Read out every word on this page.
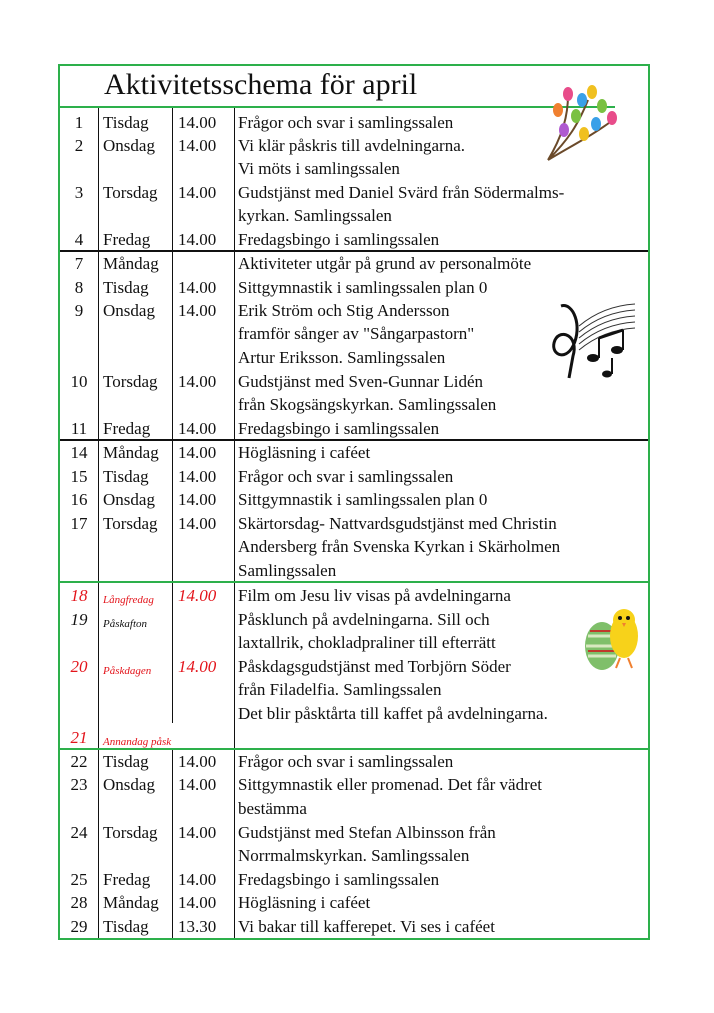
Aktivitetsschema för april
1	Tisdag 14.00 Frågor och svar i samlingssalen
2	Onsdag 14.00 Vi klär påskris till avdelningarna.
Vi möts i samlingssalen
3	Torsdag 14.00 Gudstjänst med Daniel Svärd från Södermalms-
kyrkan. Samlingssalen
4	Fredag 14.00 Fredagsbingo i samlingssalen
7	Måndag	Aktiviteter utgår på grund av personalmöte
8	Tisdag 14.00 Sittgymnastik i samlingssalen plan 0
9	Onsdag 14.00 Erik Ström och Stig Andersson
framför sånger av "Sångarpastorn"
Artur Eriksson. Samlingssalen
10 Torsdag 14.00 Gudstjänst med Sven-Gunnar Lidén
från Skogsängskyrkan. Samlingssalen
11 Fredag 14.00 Fredagsbingo i samlingssalen
14 Måndag 14.00 Högläsning i caféet
15 Tisdag 14.00 Frågor och svar i samlingssalen
16 Onsdag 14.00 Sittgymnastik i samlingssalen plan 0
17 Torsdag 14.00 Skärtorsdag- Nattvardsgudstjänst med Christin
Andersberg från Svenska Kyrkan i Skärholmen
Samlingssalen
18	Långfredag 14.00 Film om Jesu liv visas på avdelningarna
19	Påskafton	Påsklunch på avdelningarna. Sill och
laxtallrik, chokladpraliner till efterrätt
20	Påskdagen 14.00 Påskdagsgudstjänst med Torbjörn Söder
från Filadelfia. Samlingssalen
Det blir påsktårta till kaffet på avdelningarna.
21	Annandag påsk
22 Tisdag 14.00 Frågor och svar i samlingssalen
23 Onsdag 14.00 Sittgymnastik eller promenad. Det får vädret
bestämma
24 Torsdag 14.00 Gudstjänst med Stefan Albinsson från
Norrmalmskyrkan. Samlingssalen
25 Fredag 14.00 Fredagsbingo i samlingssalen
28 Måndag 14.00 Högläsning i caféet
29 Tisdag 13.30 Vi bakar till kafferepet. Vi ses i caféet
